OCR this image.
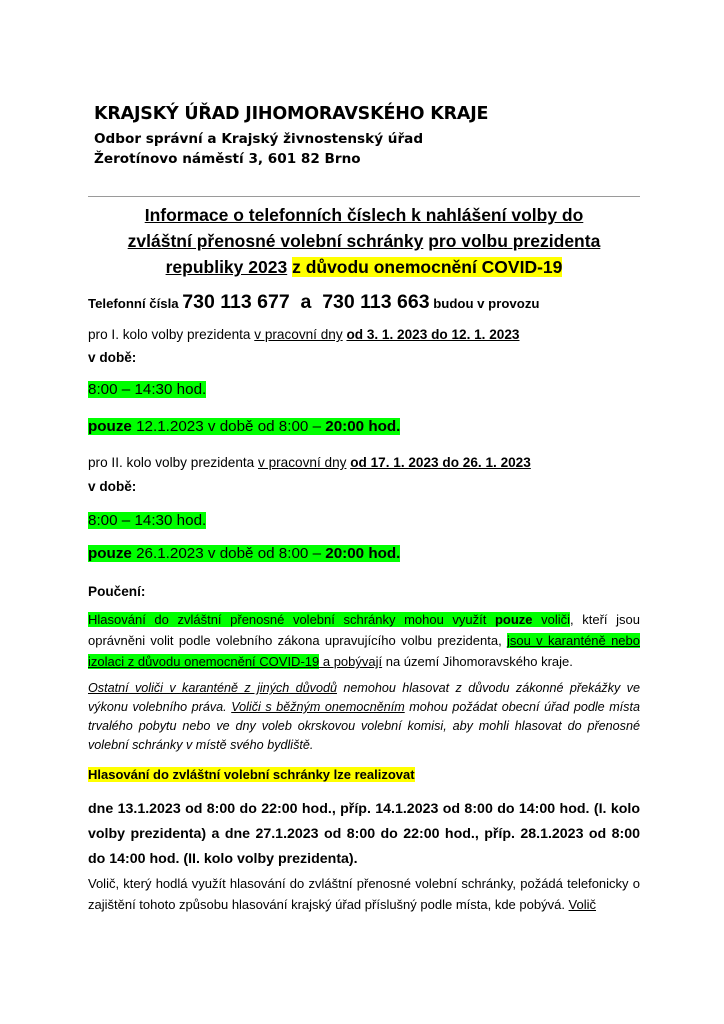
KRAJSKÝ ÚŘAD JIHOMORAVSKÉHO KRAJE
Odbor správní a Krajský živnostenský úřad
Žerotínovo náměstí 3, 601 82 Brno
Informace o telefonních číslech k nahlášení volby do
zvláštní přenosné volební schránky pro volbu prezidenta
republiky 2023 z důvodu onemocnění COVID-19
Telefonní čísla 730 113 677  a  730 113 663 budou v provozu
pro I. kolo volby prezidenta v pracovní dny od 3. 1. 2023 do 12. 1. 2023
v době:
8:00 – 14:30 hod.
pouze 12.1.2023 v době od 8:00 – 20:00 hod.
pro II. kolo volby prezidenta v pracovní dny od 17. 1. 2023 do 26. 1. 2023
v době:
8:00 – 14:30 hod.
pouze 26.1.2023 v době od 8:00 – 20:00 hod.
Poučení:
Hlasování do zvláštní přenosné volební schránky mohou využít pouze voliči, kteří jsou oprávněni volit podle volebního zákona upravujícího volbu prezidenta, jsou v karanténě nebo izolaci z důvodu onemocnění COVID-19 a pobývají na území Jihomoravského kraje.
Ostatní voliči v karanténě z jiných důvodů nemohou hlasovat z důvodu zákonné překážky ve výkonu volebního práva. Voliči s běžným onemocněním mohou požádat obecní úřad podle místa trvalého pobytu nebo ve dny voleb okrskovou volební komisi, aby mohli hlasovat do přenosné volební schránky v místě svého bydliště.
Hlasování do zvláštní volební schránky lze realizovat
dne 13.1.2023 od 8:00 do 22:00 hod., příp. 14.1.2023 od 8:00 do 14:00 hod. (I. kolo volby prezidenta) a dne 27.1.2023 od 8:00 do 22:00 hod., příp. 28.1.2023 od 8:00 do 14:00 hod. (II. kolo volby prezidenta).
Volič, který hodlá využít hlasování do zvláštní přenosné volební schránky, požádá telefonicky o zajištění tohoto způsobu hlasování krajský úřad příslušný podle místa, kde pobývá. Volič
